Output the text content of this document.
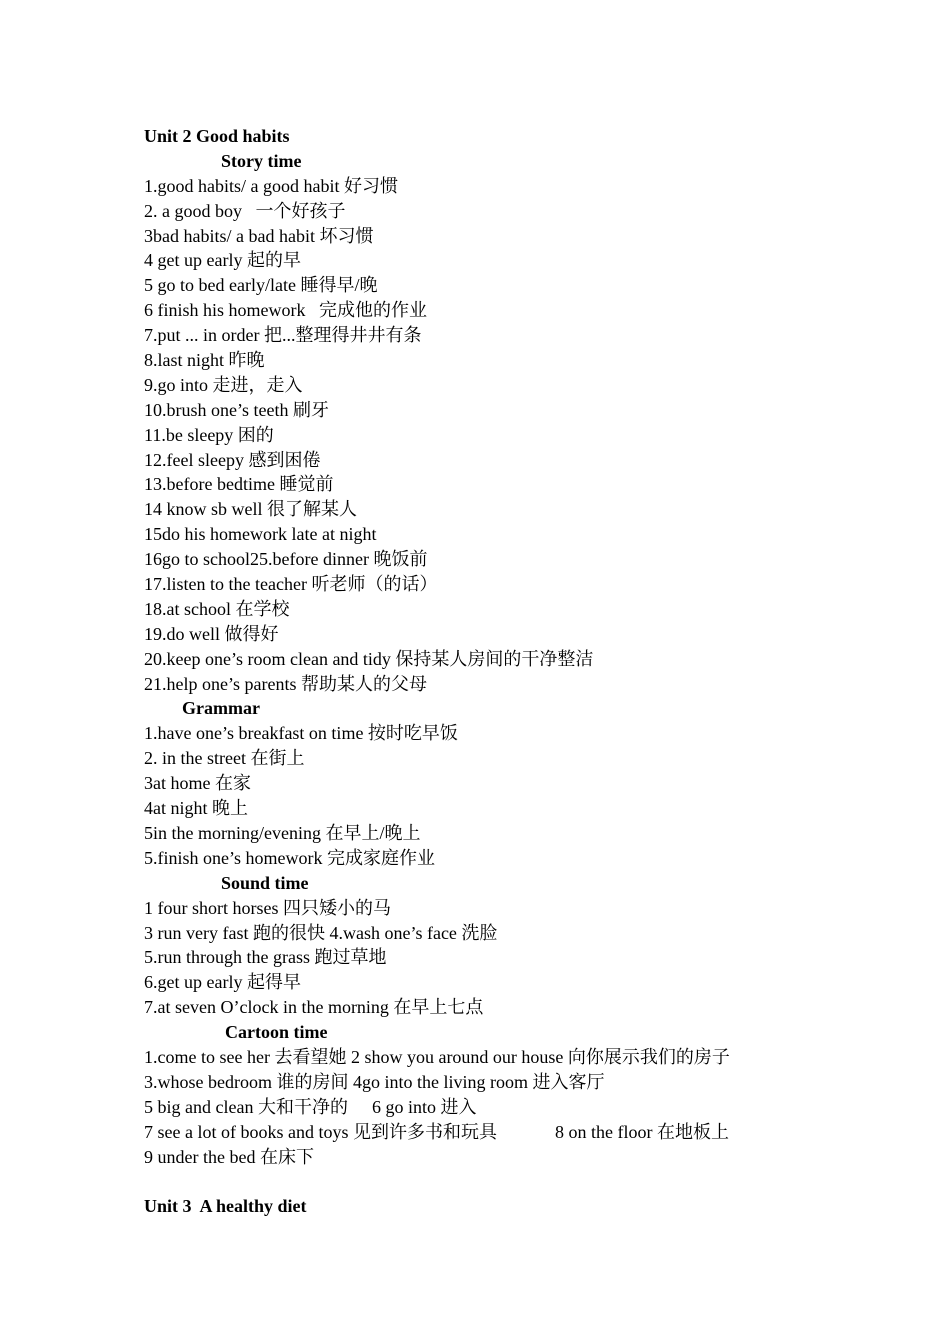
Unit 2 Good habits
Story time
1.good habits/ a good habit 好习惯
2. a good boy   一个好孩子
3bad habits/ a bad habit 坏习惯
4 get up early 起的早
5 go to bed early/late 睡得早/晚
6 finish his homework   完成他的作业
7.put ... in order 把...整理得井井有条
8.last night 昨晚
9.go into 走进，走入
10.brush one’s teeth 刷牙
11.be sleepy 困的
12.feel sleepy 感到困倦
13.before bedtime 睡觉前
14 know sb well 很了解某人
15do his homework late at night
16go to school25.before dinner 晚饭前
17.listen to the teacher 听老师（的话）
18.at school 在学校
19.do well 做得好
20.keep one’s room clean and tidy 保持某人房间的干净整洁
21.help one’s parents 帮助某人的父母
Grammar
1.have one’s breakfast on time 按时吃早饭
2. in the street 在街上
3at home 在家
4at night 晚上
5in the morning/evening 在早上/晚上
5.finish one’s homework 完成家庭作业
Sound time
1 four short horses 四只矮小的马
3 run very fast 跑的很快 4.wash one’s face 洗脸
5.run through the grass 跑过草地
6.get up early 起得早
7.at seven O’clock in the morning 在早上七点
Cartoon time
1.come to see her 去看望她 2 show you around our house 向你展示我们的房子
3.whose bedroom 谁的房间 4go into the living room 进入客厅
5 big and clean 大和干净的 6 go into 进入
7 see a lot of books and toys 见到许多书和玩具	8 on the floor 在地板上
9 under the bed 在床下
Unit 3  A healthy diet
